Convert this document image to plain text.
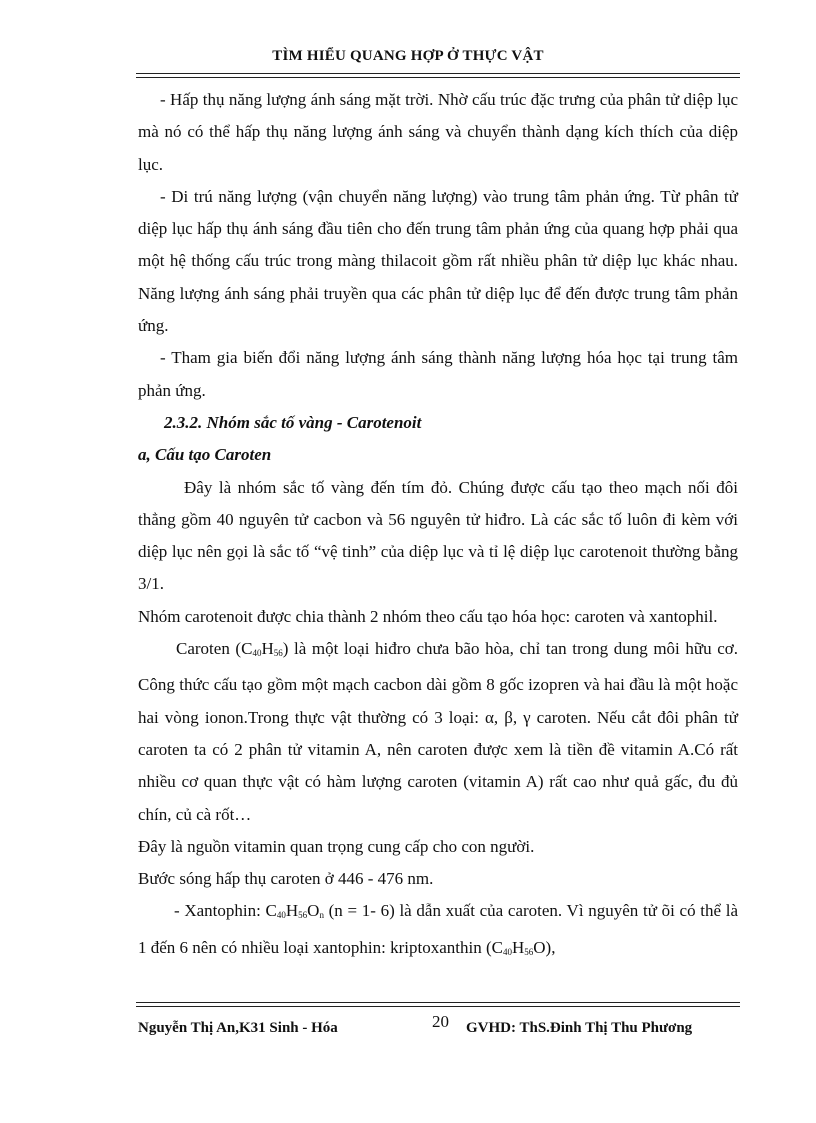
TÌM HIỂU QUANG HỢP Ở THỰC VẬT

- Hấp thụ năng lượng ánh sáng mặt trời. Nhờ cấu trúc đặc trưng của phân tử diệp lục mà nó có thể hấp thụ năng lượng ánh sáng và chuyển thành dạng kích thích của diệp lục.

- Di trú năng lượng (vận chuyển năng lượng) vào trung tâm phản ứng. Từ phân tử diệp lục hấp thụ ánh sáng đầu tiên cho đến trung tâm phản ứng của quang hợp phải qua một hệ thống cấu trúc trong màng thilacoit gồm rất nhiều phân tử diệp lục khác nhau. Năng lượng ánh sáng phải truyền qua các phân tử diệp lục để đến được trung tâm phản ứng.

- Tham gia biến đổi năng lượng ánh sáng thành năng lượng hóa học tại trung tâm phản ứng.

2.3.2. Nhóm sắc tố vàng - Carotenoit

a, Cấu tạo Caroten

Đây là nhóm sắc tố vàng đến tím đỏ. Chúng được cấu tạo theo mạch nối đôi thẳng gồm 40 nguyên tử cacbon và 56 nguyên tử hiđro. Là các sắc tố luôn đi kèm với diệp lục nên gọi là sắc tố “vệ tinh” của diệp lục và tỉ lệ diệp lục carotenoit thường bằng 3/1.

Nhóm carotenoit được chia thành 2 nhóm theo cấu tạo hóa học: caroten và xantophil.

Caroten $(C_{40}H_{56})$ là một loại hiđro chưa bão hòa, chỉ tan trong dung môi hữu cơ. Công thức cấu tạo gồm một mạch cacbon dài gồm 8 gốc izopren và hai đầu là một hoặc hai vòng ionon.Trong thực vật thường có 3 loại: α, β, γ caroten. Nếu cắt đôi phân tử caroten ta có 2 phân tử vitamin A, nên caroten được xem là tiền đề vitamin A.Có rất nhiều cơ quan thực vật có hàm lượng caroten (vitamin A) rất cao như quả gấc, đu đủ chín, củ cà rốt…

Đây là nguồn vitamin quan trọng cung cấp cho con người.

Bước sóng hấp thụ caroten ở 446 - 476 nm.

- Xantophin: $C_{40}H_{56}O_n$ (n = 1- 6) là dẫn xuất của caroten. Vì nguyên tử õi có thể là 1 đến 6 nên có nhiều loại xantophin: kriptoxanthin $(C_{40}H_{56}O)$,

Nguyễn Thị An,K31 Sinh - Hóa	20 GVHD: ThS.Đinh Thị Thu Phương
